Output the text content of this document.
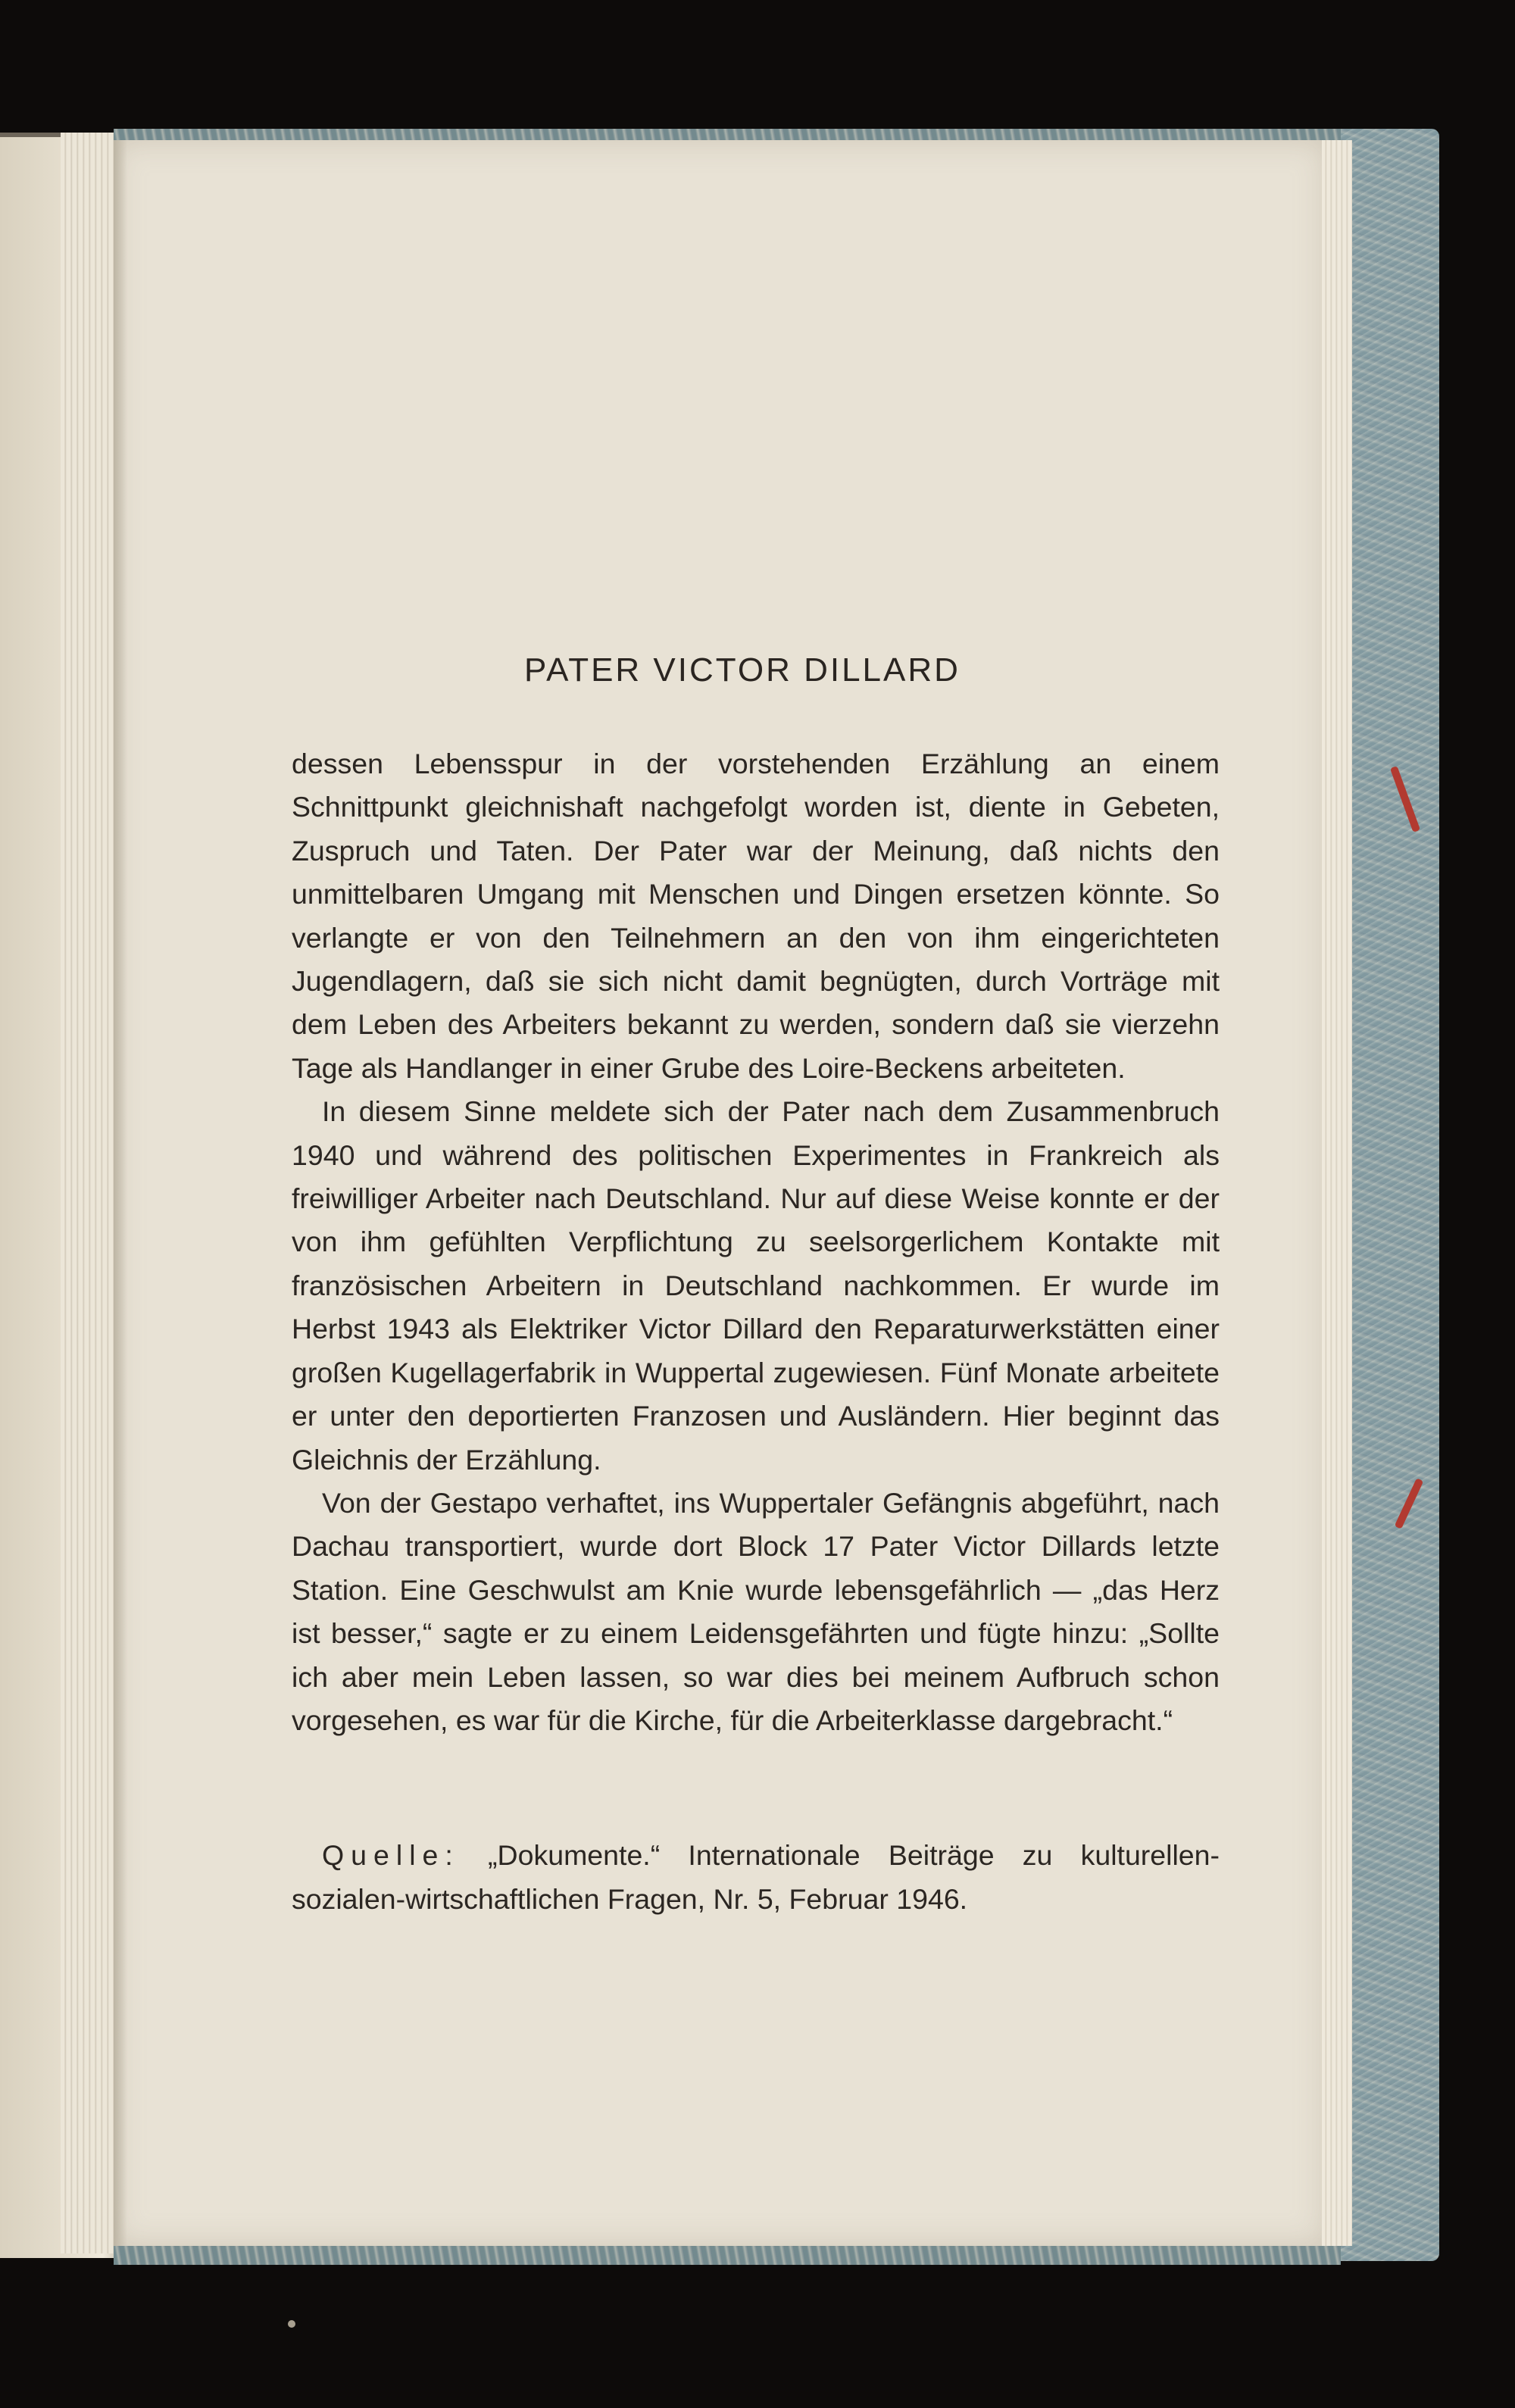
PATER VICTOR DILLARD

dessen Lebensspur in der vorstehenden Erzählung an einem Schnittpunkt gleichnishaft nachgefolgt worden ist, diente in Gebeten, Zuspruch und Taten. Der Pater war der Meinung, daß nichts den unmittelbaren Umgang mit Menschen und Dingen ersetzen könnte. So verlangte er von den Teilnehmern an den von ihm eingerichteten Jugendlagern, daß sie sich nicht damit begnügten, durch Vorträge mit dem Leben des Arbeiters bekannt zu werden, sondern daß sie vierzehn Tage als Handlanger in einer Grube des Loire-Beckens arbeiteten.

In diesem Sinne meldete sich der Pater nach dem Zusammenbruch 1940 und während des politischen Experimentes in Frankreich als freiwilliger Arbeiter nach Deutschland. Nur auf diese Weise konnte er der von ihm gefühlten Verpflichtung zu seelsorgerlichem Kontakte mit französischen Arbeitern in Deutschland nachkommen. Er wurde im Herbst 1943 als Elektriker Victor Dillard den Reparaturwerkstätten einer großen Kugellagerfabrik in Wuppertal zugewiesen. Fünf Monate arbeitete er unter den deportierten Franzosen und Ausländern. Hier beginnt das Gleichnis der Erzählung.

Von der Gestapo verhaftet, ins Wuppertaler Gefängnis abgeführt, nach Dachau transportiert, wurde dort Block 17 Pater Victor Dillards letzte Station. Eine Geschwulst am Knie wurde lebensgefährlich — „das Herz ist besser,“ sagte er zu einem Leidensgefährten und fügte hinzu: „Sollte ich aber mein Leben lassen, so war dies bei meinem Aufbruch schon vorgesehen, es war für die Kirche, für die Arbeiterklasse dargebracht.“

Quelle: „Dokumente.“ Internationale Beiträge zu kulturellen-sozialen-wirtschaftlichen Fragen, Nr. 5, Februar 1946.
